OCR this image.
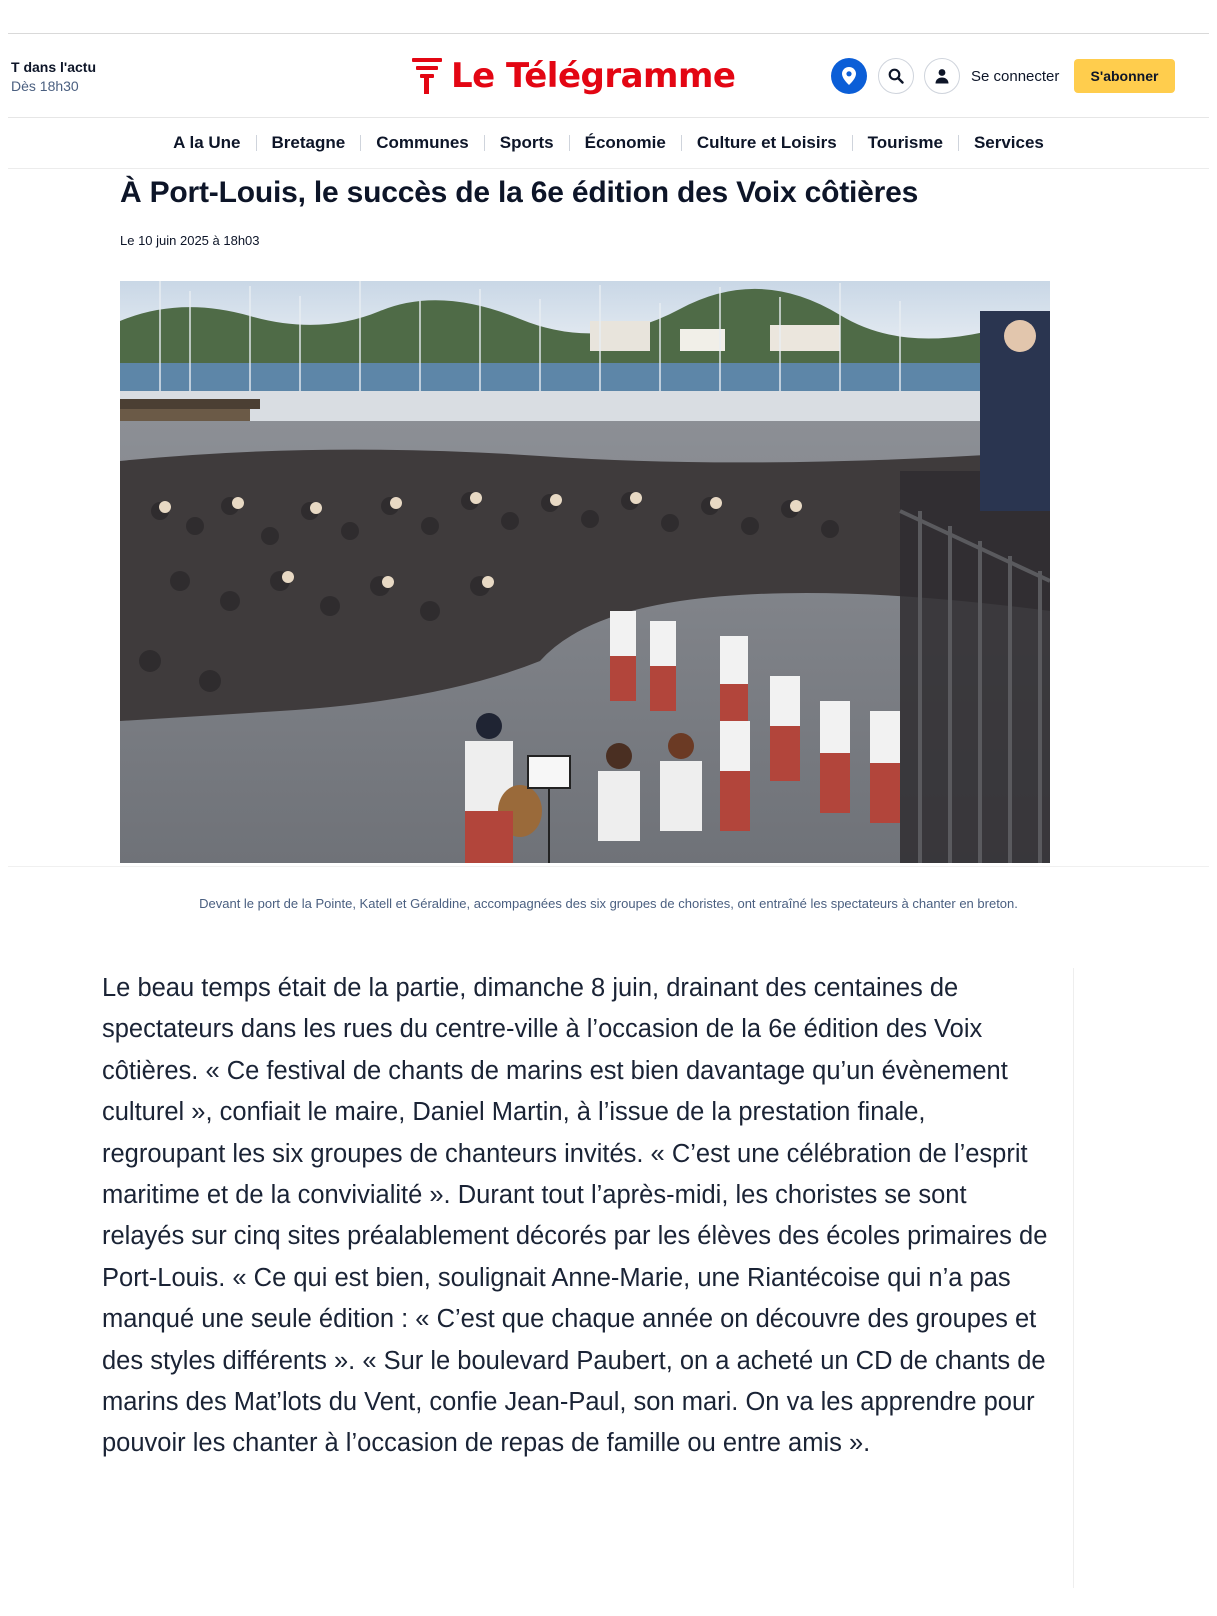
T dans l'actu
Dès 18h30	Le Télégramme	Se connecter	S'abonner
A la Une	Bretagne	Communes	Sports	Économie	Culture et Loisirs	Tourisme	Services
À Port-Louis, le succès de la 6e édition des Voix côtières
Le 10 juin 2025 à 18h03
Devant le port de la Pointe, Katell et Géraldine, accompagnées des six groupes de choristes, ont entraîné les spectateurs à chanter en breton.
Le beau temps était de la partie, dimanche 8 juin, drainant des centaines de spectateurs dans les rues du centre-ville à l’occasion de la 6e édition des Voix côtières. « Ce festival de chants de marins est bien davantage qu’un évènement culturel », confiait le maire, Daniel Martin, à l’issue de la prestation finale, regroupant les six groupes de chanteurs invités. « C’est une célébration de l’esprit maritime et de la convivialité ». Durant tout l’après-midi, les choristes se sont relayés sur cinq sites préalablement décorés par les élèves des écoles primaires de Port-Louis. « Ce qui est bien, soulignait Anne-Marie, une Riantécoise qui n’a pas manqué une seule édition : « C’est que chaque année on découvre des groupes et des styles différents ». « Sur le boulevard Paubert, on a acheté un CD de chants de marins des Mat’lots du Vent, confie Jean-Paul, son mari. On va les apprendre pour pouvoir les chanter à l’occasion de repas de famille ou entre amis ».
